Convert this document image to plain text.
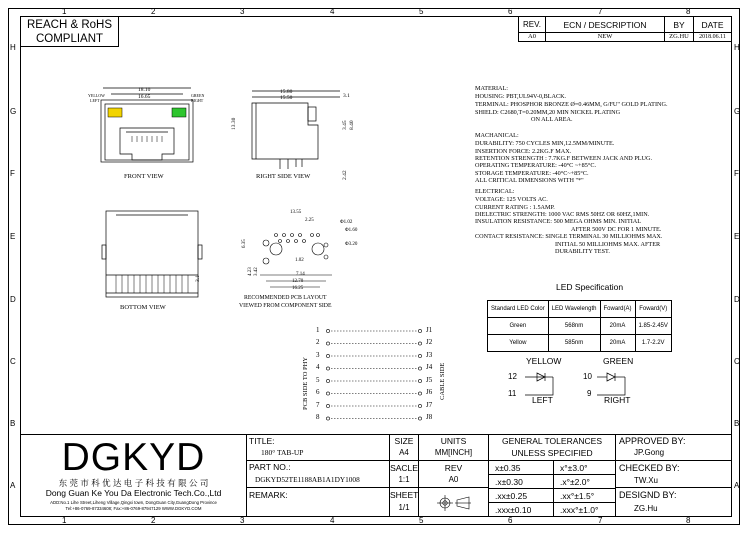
1	2	3	4	5	6	7	8
1	2	3	4	5	6	7	8
H
G
F
E
D
C
B
A
H
G
F
E
D
C
B
A
REACH & RoHS
COMPLIANT
REV.	ECN / DESCRIPTION	BY	DATE
A0	NEW	ZG.HU	2018.06.11
18.10
16.65
YELLOW
LEFT
GREEN
RIGHT
FRONT VIEW
15.80
15.50	3.1
13.30	3.45 8.40
2.42
RIGHT SIDE VIEW
3.1
BOTTOM VIEW
13.55
2.25	Φ1.02
Φ1.60
Φ3.20
1.02
7.14
12.70
16.25
6.35
4.23 3.42
RECOMMENDED PCB LAYOUT
VIEWED FROM COMPONENT SIDE
1
2
3
4
5
6
7
8
J1
J2
J3
J4
J5
J6
J7
J8
PCB SIDE TO PHY	CABLE SIDE
MATERIAL:
HOUSING: PBT,UL94V-0,BLACK.
TERMINAL: PHOSPHOR BRONZE Ø=0.46MM, G/FU" GOLD PLATING.
SHIELD: C2680,T=0.20MM,20 MIN NICKEL PLATING
ON ALL AREA.
MACHANICAL:
DURABILITY: 750 CYCLES MIN,12.5MM/MINUTE.
INSERTION FORCE: 2.2KG.F MAX.
RETENTION STRENGTH : 7.7KG.F BETWEEN JACK AND PLUG.
OPERATING TEMPERATURE: -40°C ~+85°C.
STORAGE TEMPERATURE: -40°C~+85°C.
ALL CRITICAL DIMENSIONS WITH "*"
ELECTRICAL:
VOLTAGE: 125 VOLTS AC.
CURRENT RATING : 1.5AMP.
DIELECTRIC STRENGTH: 1000 VAC RMS 50HZ OR 60HZ,1MIN.
INSULATION RESISTANCE: 500 MEGA OHMS MIN. INITIAL
AFTER 500V DC FOR 1 MINUTE.
CONTACT RESISTANCE: SINGLE TERMINAL 30 MILLIOHMS MAX.
INITIAL 50 MILLIOHMS MAX. AFTER
DURABILITY TEST.
LED Specification
Standard LED Color	LED Wavelength	Foward(A)	Foward(V)
Green	568nm	20mA	1.85-2.45V
Yellow	585nm	20mA	1.7-2.2V
YELLOW	GREEN
12
11
10
9
LEFT	RIGHT
DGKYD
东 莞 市 科 优 达 电 子 科 技 有 限 公 司
Dong Guan Ke You Da Electronic Tech.Co.,Ltd
ADD:No.1 Lihe Street,Liheng Village,Qingxi town, DongGuan City,GuangDong Province
Tel:+86-0769-87334608; Fax:+86-0769-87947129 WWW.DGKYD.COM
TITLE:
180° TAB-UP
SIZE
A4
UNITS
MM[INCH]
PART NO.:
DGKYD52TE1188AB1A1DY1008
SACLE
1:1
REV
A0
REMARK:	SHEET
1/1
GENERAL TOLERANCES
UNLESS SPECIFIED
x±0.35	x°±3.0°
.x±0.30	.x°±2.0°
.xx±0.25	.xx°±1.5°
.xxx±0.10	.xxx°±1.0°
APPROVED BY:
JP.Gong
CHECKED BY:
TW.Xu
DESIGND BY:
ZG.Hu
